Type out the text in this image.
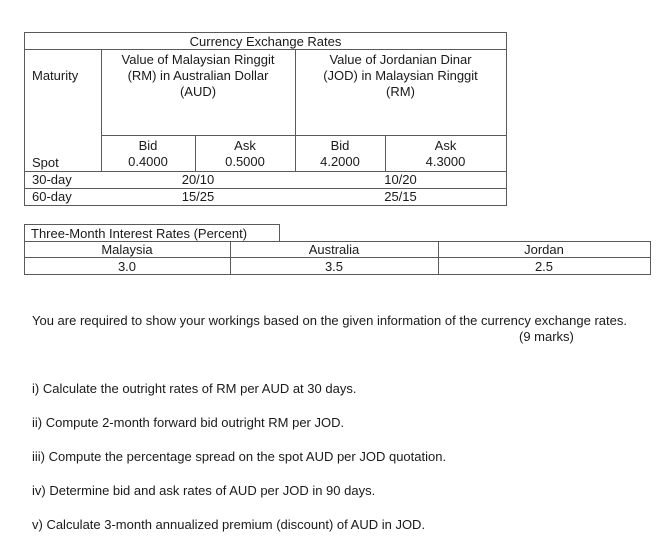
Currency Exchange Rates
Maturity
Value of Malaysian Ringgit
(RM) in Australian Dollar
(AUD)
Value of Jordanian Dinar
(JOD) in Malaysian Ringgit
(RM)
Bid	Ask	Bid	Ask
Spot	0.4000	0.5000	4.2000	4.3000
30-day	20/10	10/20
60-day	15/25	25/15
Three-Month Interest Rates (Percent)
Malaysia	Australia	Jordan
3.0	3.5	2.5
You are required to show your workings based on the given information of the currency exchange rates.
(9 marks)
i) Calculate the outright rates of RM per AUD at 30 days.
ii) Compute 2-month forward bid outright RM per JOD.
iii) Compute the percentage spread on the spot AUD per JOD quotation.
iv) Determine bid and ask rates of AUD per JOD in 90 days.
v) Calculate 3-month annualized premium (discount) of AUD in JOD.
